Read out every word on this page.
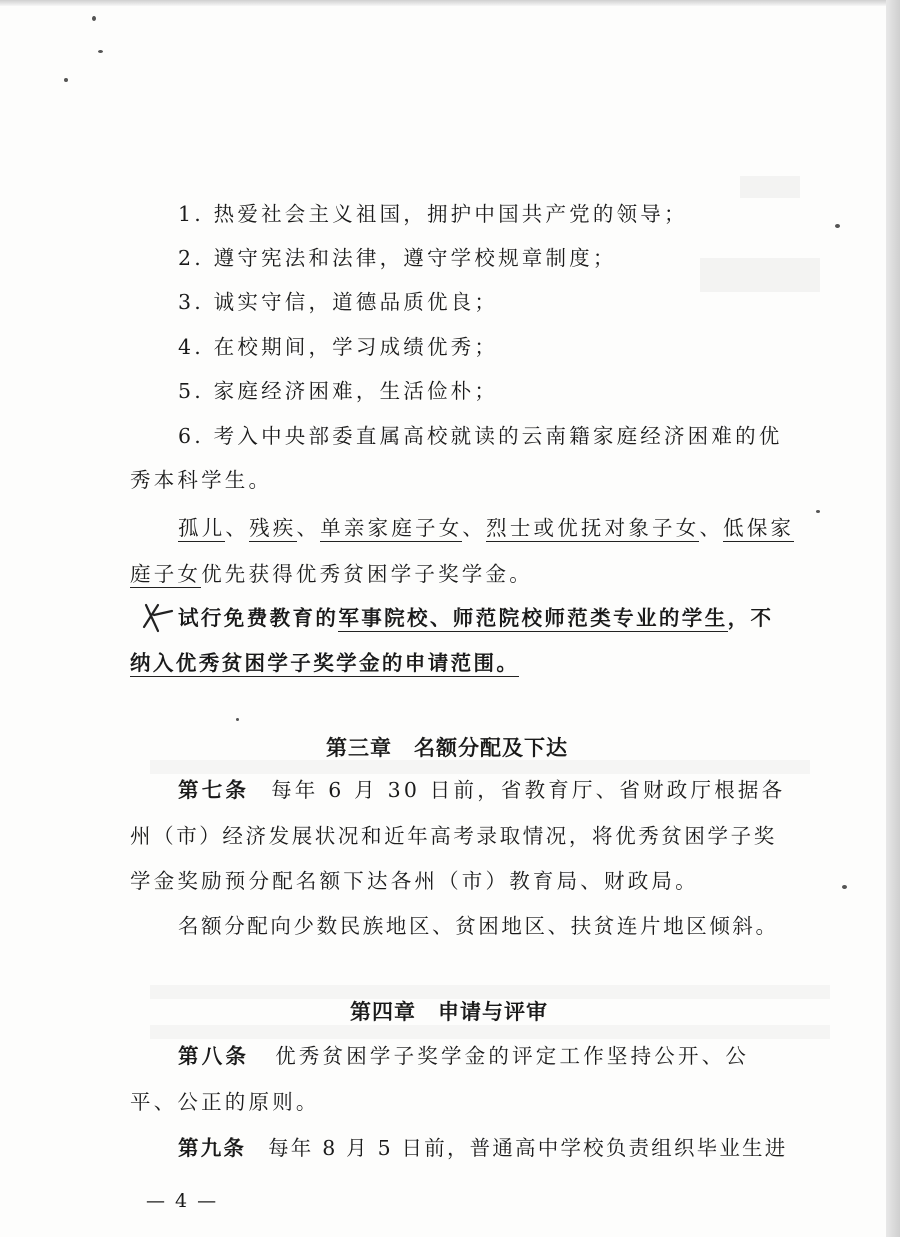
1. 热爱社会主义祖国，拥护中国共产党的领导；
2. 遵守宪法和法律，遵守学校规章制度；
3. 诚实守信，道德品质优良；
4. 在校期间，学习成绩优秀；
5. 家庭经济困难，生活俭朴；
6. 考入中央部委直属高校就读的云南籍家庭经济困难的优
秀本科学生。
孤儿、残疾、单亲家庭子女、烈士或优抚对象子女、低保家
庭子女优先获得优秀贫困学子奖学金。
试行免费教育的军事院校、师范院校师范类专业的学生，不
纳入优秀贫困学子奖学金的申请范围。
第三章　名额分配及下达
第七条 每年 6 月 30 日前，省教育厅、省财政厅根据各
州（市）经济发展状况和近年高考录取情况，将优秀贫困学子奖
学金奖励预分配名额下达各州（市）教育局、财政局。
名额分配向少数民族地区、贫困地区、扶贫连片地区倾斜。
第四章　申请与评审
第八条 优秀贫困学子奖学金的评定工作坚持公开、公
平、公正的原则。
第九条 每年 8 月 5 日前，普通高中学校负责组织毕业生进
— 4 —
